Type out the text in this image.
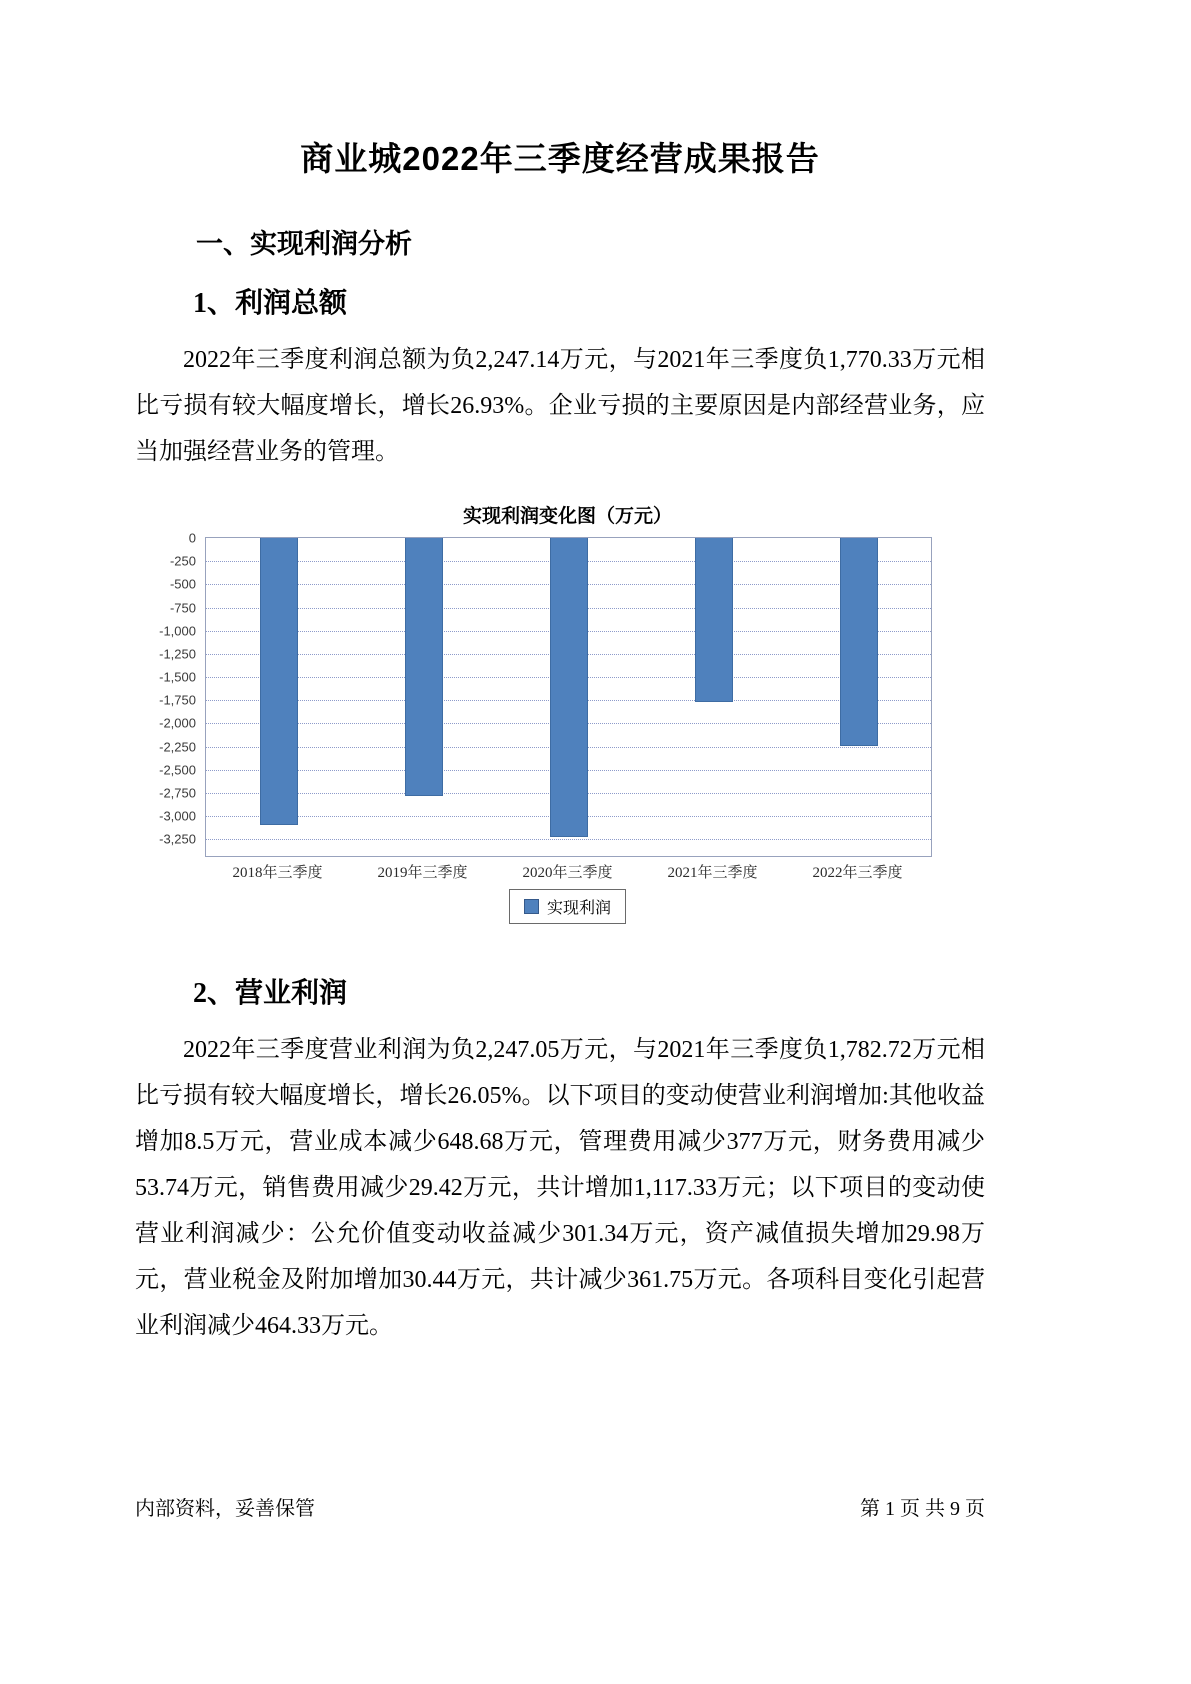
商业城2022年三季度经营成果报告
一、实现利润分析
1、利润总额

2022年三季度利润总额为负2,247.14万元，与2021年三季度负1,770.33万元相比亏损有较大幅度增长，增长26.93%。企业亏损的主要原因是内部经营业务，应当加强经营业务的管理。

实现利润变化图（万元）
0
-250
-500
-750
-1,000
-1,250
-1,500
-1,750
-2,000
-2,250
-2,500
-2,750
-3,000
-3,250
2018年三季度	2019年三季度	2020年三季度	2021年三季度	2022年三季度
实现利润
2、营业利润

2022年三季度营业利润为负2,247.05万元，与2021年三季度负1,782.72万元相比亏损有较大幅度增长，增长26.05%。以下项目的变动使营业利润增加:其他收益增加8.5万元，营业成本减少648.68万元，管理费用减少377万元，财务费用减少53.74万元，销售费用减少29.42万元，共计增加1,117.33万元；以下项目的变动使营业利润减少：公允价值变动收益减少301.34万元，资产减值损失增加29.98万元，营业税金及附加增加30.44万元，共计减少361.75万元。各项科目变化引起营业利润减少464.33万元。

内部资料，妥善保管	第 1 页 共 9 页
